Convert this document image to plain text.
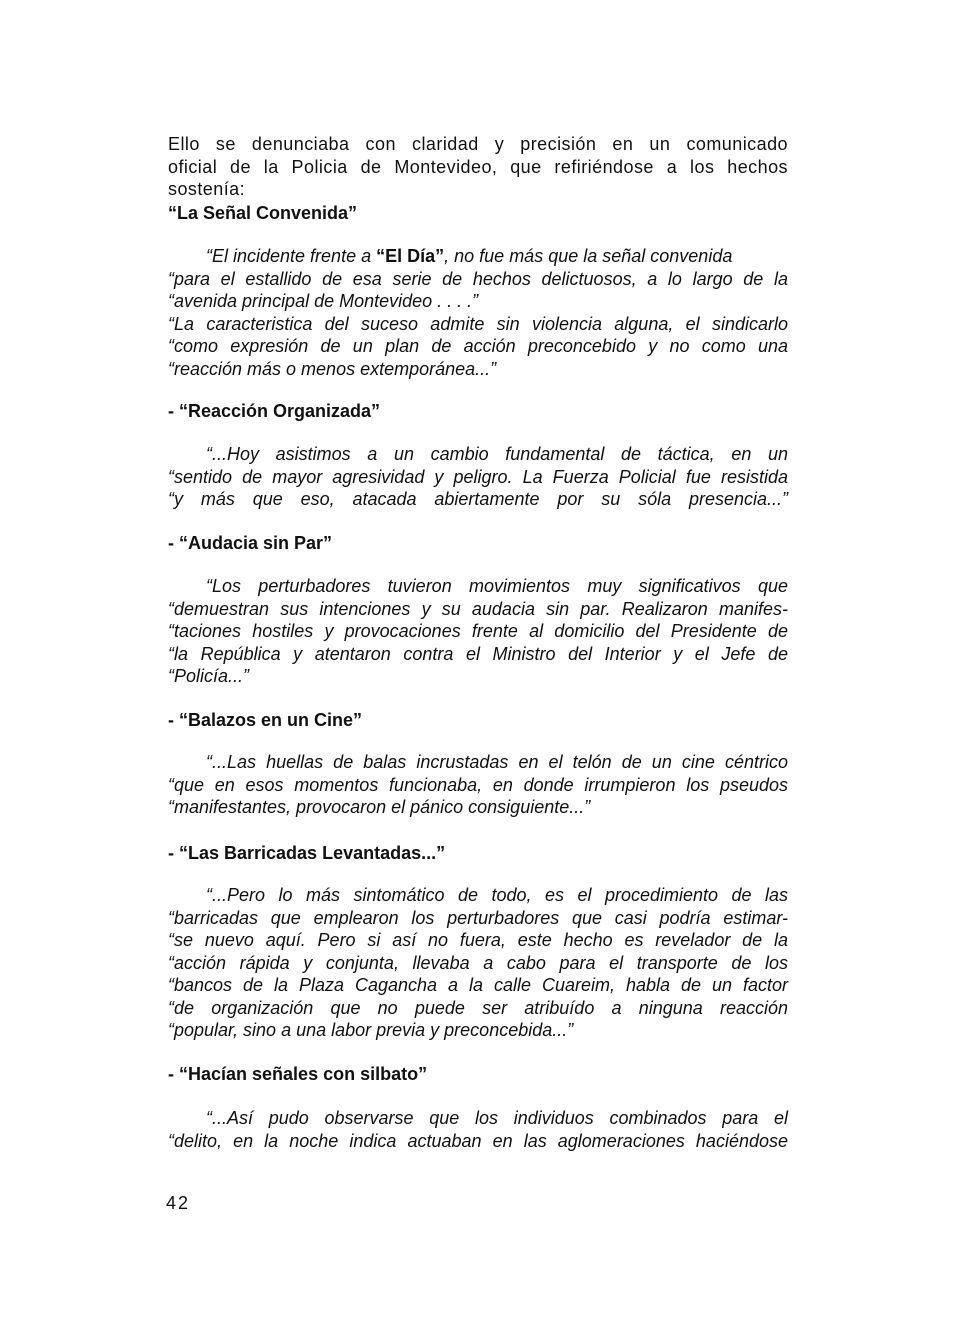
Ello se denunciaba con claridad y precisión en un comunicado
oficial de la Policia de Montevideo, que refiriéndose a los hechos
sostenía:
“La Señal Convenida”
“El incidente frente a “El Día”, no fue más que la señal convenida
“para el estallido de esa serie de hechos delictuosos, a lo largo de la
“avenida principal de Montevideo . . . .”
“La caracteristica del suceso admite sin violencia alguna, el sindicarlo
“como expresión de un plan de acción preconcebido y no como una
“reacción más o menos extemporánea...”
- “Reacción Organizada”
“...Hoy asistimos a un cambio fundamental de táctica, en un
“sentido de mayor agresividad y peligro. La Fuerza Policial fue resistida
“y más que eso, atacada abiertamente por su sóla presencia...”
- “Audacia sin Par”
“Los perturbadores tuvieron movimientos muy significativos que
“demuestran sus intenciones y su audacia sin par. Realizaron manifes-
“taciones hostiles y provocaciones frente al domicilio del Presidente de
“la República y atentaron contra el Ministro del Interior y el Jefe de
“Policía...”
- “Balazos en un Cine”
“...Las huellas de balas incrustadas en el telón de un cine céntrico
“que en esos momentos funcionaba, en donde irrumpieron los pseudos
“manifestantes, provocaron el pánico consiguiente...”
- “Las Barricadas Levantadas...”
“...Pero lo más sintomático de todo, es el procedimiento de las
“barricadas que emplearon los perturbadores que casi podría estimar-
“se nuevo aquí. Pero si así no fuera, este hecho es revelador de la
“acción rápida y conjunta, llevaba a cabo para el transporte de los
“bancos de la Plaza Cagancha a la calle Cuareim, habla de un factor
“de organización que no puede ser atribuído a ninguna reacción
“popular, sino a una labor previa y preconcebida...”
- “Hacían señales con silbato”
“...Así pudo observarse que los individuos combinados para el
“delito, en la noche indica actuaban en las aglomeraciones haciéndose
42
